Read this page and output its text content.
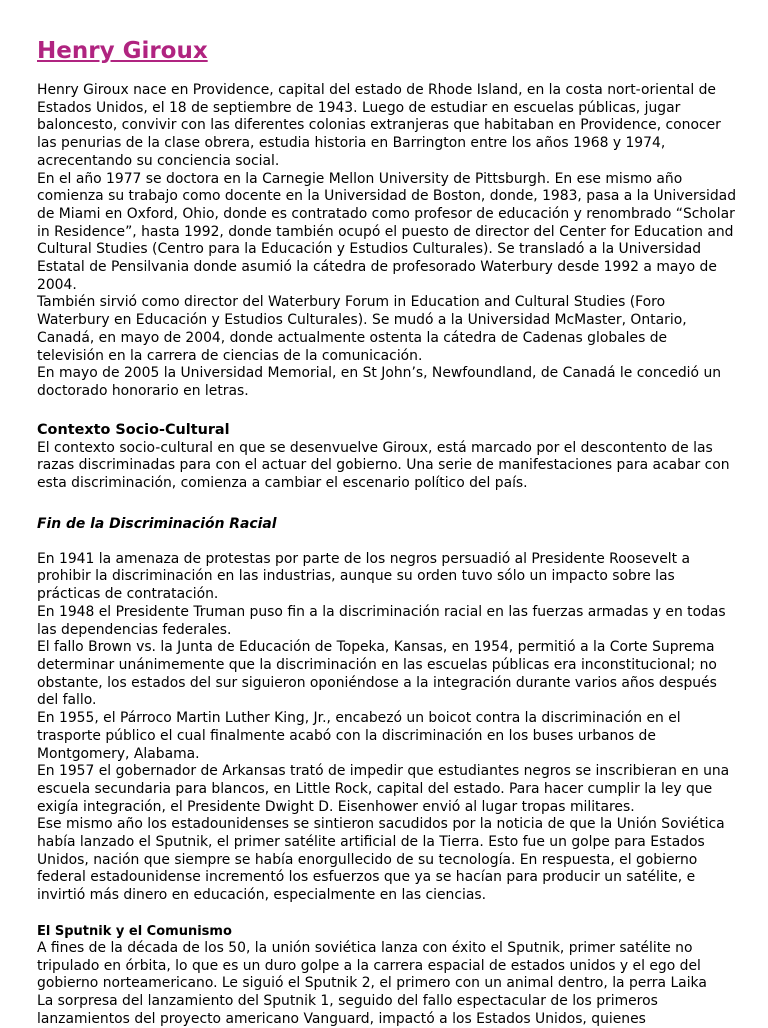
Henry Giroux

Henry Giroux nace en Providence, capital del estado de Rhode Island, en la costa nort-oriental de Estados Unidos, el 18 de septiembre de 1943. Luego de estudiar en escuelas públicas, jugar baloncesto, convivir con las diferentes colonias extranjeras que habitaban en Providence, conocer las penurias de la clase obrera, estudia historia en Barrington entre los años 1968 y 1974, acrecentando su conciencia social.

En el año 1977 se doctora en la Carnegie Mellon University de Pittsburgh. En ese mismo año comienza su trabajo como docente en la Universidad de Boston, donde, 1983, pasa a la Universidad de Miami en Oxford, Ohio, donde es contratado como profesor de educación y renombrado “Scholar in Residence”, hasta 1992, donde también ocupó el puesto de director del Center for Education and Cultural Studies (Centro para la Educación y Estudios Culturales). Se transladó a la Universidad Estatal de Pensilvania donde asumió la cátedra de profesorado Waterbury desde 1992 a mayo de 2004.

También sirvió como director del Waterbury Forum in Education and Cultural Studies (Foro Waterbury en Educación y Estudios Culturales). Se mudó a la Universidad McMaster, Ontario, Canadá, en mayo de 2004, donde actualmente ostenta la cátedra de Cadenas globales de televisión en la carrera de ciencias de la comunicación.

En mayo de 2005 la Universidad Memorial, en St John’s, Newfoundland, de Canadá le concedió un doctorado honorario en letras.

Contexto Socio-Cultural

El contexto socio-cultural en que se desenvuelve Giroux, está marcado por el descontento de las razas discriminadas para con el actuar del gobierno. Una serie de manifestaciones para acabar con esta discriminación, comienza a cambiar el escenario político del país.

Fin de la Discriminación Racial

En 1941 la amenaza de protestas por parte de los negros persuadió al Presidente Roosevelt a prohibir la discriminación en las industrias, aunque su orden tuvo sólo un impacto sobre las prácticas de contratación.

En 1948 el Presidente Truman puso fin a la discriminación racial en las fuerzas armadas y en todas las dependencias federales.

El fallo Brown vs. la Junta de Educación de Topeka, Kansas, en 1954, permitió a la Corte Suprema determinar unánimemente que la discriminación en las escuelas públicas era inconstitucional; no obstante, los estados del sur siguieron oponiéndose a la integración durante varios años después del fallo.

En 1955, el Párroco Martin Luther King, Jr., encabezó un boicot contra la discriminación en el trasporte público el cual finalmente acabó con la discriminación en los buses urbanos de Montgomery, Alabama.

En 1957 el gobernador de Arkansas trató de impedir que estudiantes negros se inscribieran en una escuela secundaria para blancos, en Little Rock, capital del estado. Para hacer cumplir la ley que exigía integración, el Presidente Dwight D. Eisenhower envió al lugar tropas militares.

Ese mismo año los estadounidenses se sintieron sacudidos por la noticia de que la Unión Soviética había lanzado el Sputnik, el primer satélite artificial de la Tierra. Esto fue un golpe para Estados Unidos, nación que siempre se había enorgullecido de su tecnología. En respuesta, el gobierno federal estadounidense incrementó los esfuerzos que ya se hacían para producir un satélite, e invirtió más dinero en educación, especialmente en las ciencias.

El Sputnik y el Comunismo

A fines de la década de los 50, la unión soviética lanza con éxito el Sputnik, primer satélite no tripulado en órbita, lo que es un duro golpe a la carrera espacial de estados unidos y el ego del gobierno norteamericano. Le siguió el Sputnik 2, el primero con un animal dentro, la perra Laika

La sorpresa del lanzamiento del Sputnik 1, seguido del fallo espectacular de los primeros lanzamientos del proyecto americano Vanguard, impactó a los Estados Unidos, quienes
